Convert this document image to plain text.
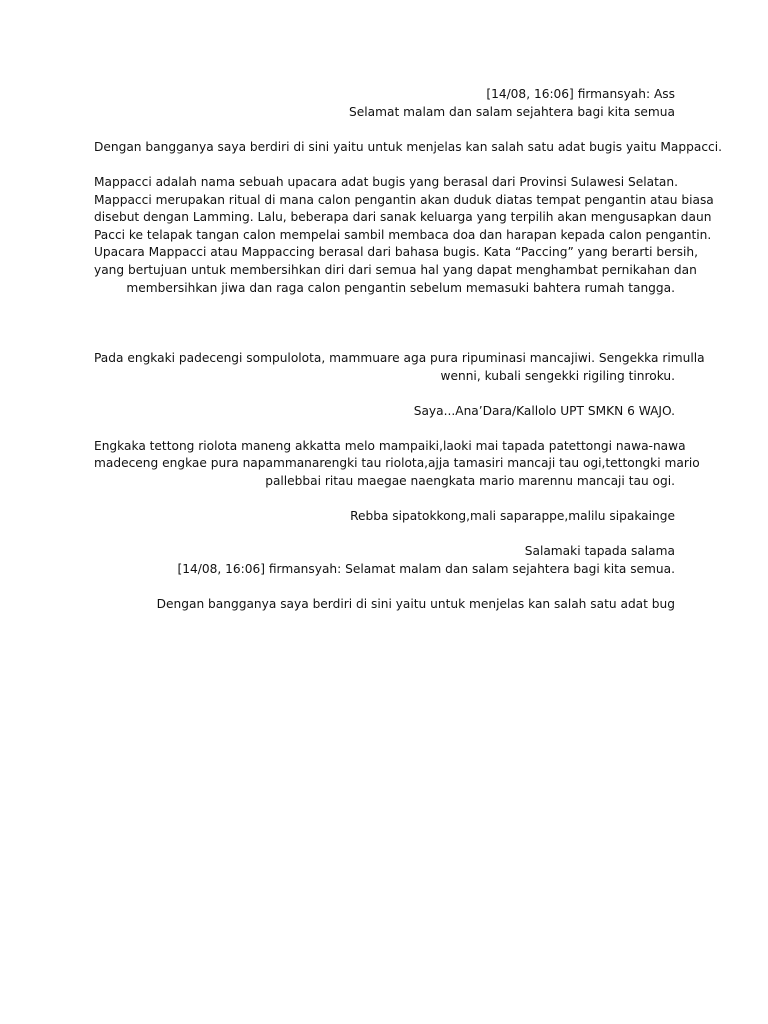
[14/08, 16:06] firmansyah: Ass
Selamat malam dan salam sejahtera bagi kita semua
Dengan bangganya saya berdiri di sini yaitu untuk menjelas kan salah satu adat bugis yaitu Mappacci.
Mappacci adalah nama sebuah upacara adat bugis yang berasal dari Provinsi Sulawesi Selatan.
Mappacci merupakan ritual di mana calon pengantin akan duduk diatas tempat pengantin atau biasa
disebut dengan Lamming. Lalu, beberapa dari sanak keluarga yang terpilih akan mengusapkan daun
Pacci ke telapak tangan calon mempelai sambil membaca doa dan harapan kepada calon pengantin.
Upacara Mappacci atau Mappaccing berasal dari bahasa bugis. Kata “Paccing” yang berarti bersih,
yang bertujuan untuk membersihkan diri dari semua hal yang dapat menghambat pernikahan dan
membersihkan jiwa dan raga calon pengantin sebelum memasuki bahtera rumah tangga.
Pada engkaki padecengi sompulolota, mammuare aga pura ripuminasi mancajiwi. Sengekka rimulla
wenni, kubali sengekki rigiling tinroku.
Saya...Ana’Dara/Kallolo UPT SMKN 6 WAJO.
Engkaka tettong riolota maneng akkatta melo mampaiki,laoki mai tapada patettongi nawa-nawa
madeceng engkae pura napammanarengki tau riolota,ajja tamasiri mancaji tau ogi,tettongki mario
pallebbai ritau maegae naengkata mario marennu mancaji tau ogi.
Rebba sipatokkong,mali saparappe,malilu sipakainge
Salamaki tapada salama
[14/08, 16:06] firmansyah: Selamat malam dan salam sejahtera bagi kita semua.
Dengan bangganya saya berdiri di sini yaitu untuk menjelas kan salah satu adat bug
